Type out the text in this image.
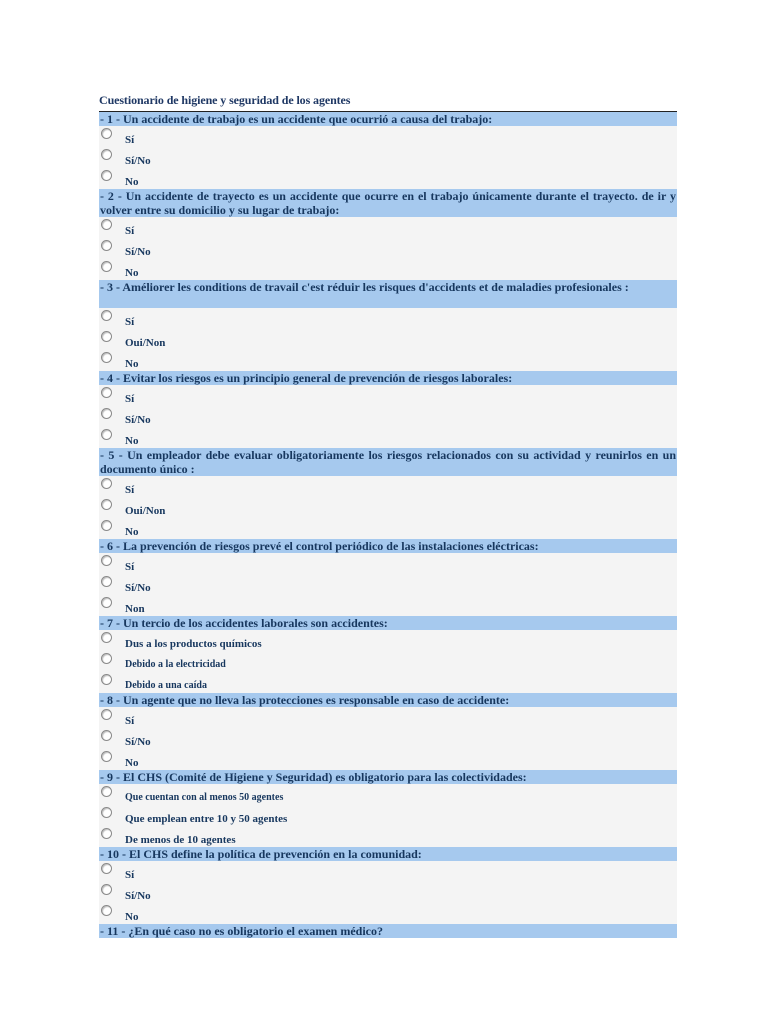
Cuestionario de higiene y seguridad de los agentes
- 1 - Un accidente de trabajo es un accidente que ocurrió a causa del trabajo:
Sí
Sí/No
No
- 2 - Un accidente de trayecto es un accidente que ocurre en el trabajo únicamente durante el trayecto. de ir y volver entre su domicilio y su lugar de trabajo:
Sí
Sí/No
No
- 3 - Améliorer les conditions de travail c'est réduir les risques d'accidents et de maladies profesionales :
Sí
Oui/Non
No
- 4 - Evitar los riesgos es un principio general de prevención de riesgos laborales:
Sí
Sí/No
No
- 5 - Un empleador debe evaluar obligatoriamente los riesgos relacionados con su actividad y reunirlos en un documento único :
Sí
Oui/Non
No
- 6 - La prevención de riesgos prevé el control periódico de las instalaciones eléctricas:
Sí
Sí/No
Non
- 7 - Un tercio de los accidentes laborales son accidentes:
Dus a los productos químicos
Debido a la electricidad
Debido a una caída
- 8 - Un agente que no lleva las protecciones es responsable en caso de accidente:
Sí
Sí/No
No
- 9 - El CHS (Comité de Higiene y Seguridad) es obligatorio para las colectividades:
Que cuentan con al menos 50 agentes
Que emplean entre 10 y 50 agentes
De menos de 10 agentes
- 10 - El CHS define la política de prevención en la comunidad:
Sí
Sí/No
No
- 11 - ¿En qué caso no es obligatorio el examen médico?
